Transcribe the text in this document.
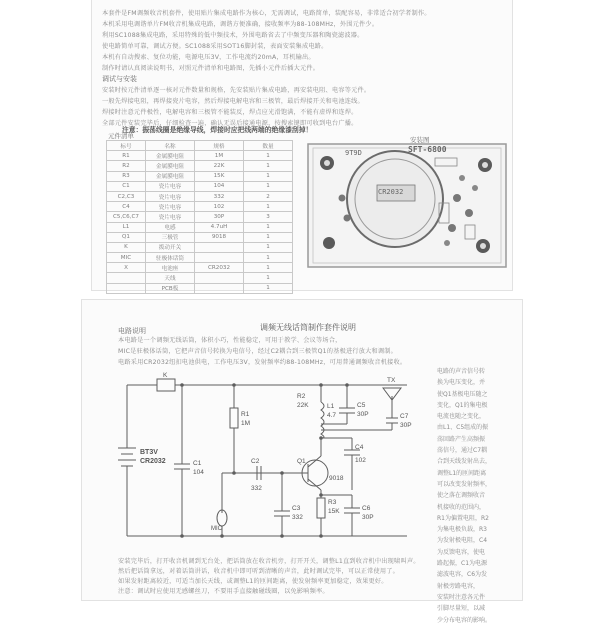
本套件是FM调频收音机套件，使用贴片集成电路作为核心，无需调试，电路简单，装配容易，非常适合初学者制作。
本机采用电调谐单片FM收音机集成电路，调谐方便准确，接收频率为88-108MHz，外围元件少。
利用SC1088集成电路，采用特殊的低中频技术，外围电路省去了中频变压器和陶瓷滤波器。
使电路简单可靠，调试方便。SC1088采用SOT16脚封装，表面安装集成电路。
本机有自动搜索、复位功能，电源电压3V，工作电流约20mA，耳机输出。
制作时请认真阅读说明书，对照元件清单和电路图，先插小元件后插大元件。
调试与安装
安装时按元件清单逐一核对元件数量和规格，先安装贴片集成电路，再安装电阻、电容等元件。
一般先焊接电阻，再焊接瓷片电容，然后焊接电解电容和三极管，最后焊接开关和电池连线。
焊接时注意元件极性，电解电容和三极管不能装反，焊点应光滑饱满，不能有虚焊和连焊。
全部元件安装完毕后，仔细检查一遍，确认无误后接通电源，按搜索键即可收到电台广播。
注意：振荡线圈是绝缘导线，焊接时应把线两端的绝缘漆刮掉！
元件清单	安装图
标号	名称	规格	数量
R1	金属膜电阻	1M	1
R2	金属膜电阻	22K	1
R3	金属膜电阻	15K	1
C1	瓷片电容	104	1
C2,C3	瓷片电容	332	2
C4	瓷片电容	102	1
C5,C6,C7	瓷片电容	30P	3
L1	电感	4.7uH	1
Q1	三极管	9018	1
K	拨动开关		1
MIC	驻极体话筒		1
X	电池座	CR2032	1
	天线		1
	PCB板		1
SFT-6800
9T9D
CR2032
调频无线话筒制作套件说明
电路说明
本电路是一个调频无线话筒，体积小巧，性能稳定，可用于教学、会议等场合，
MIC是驻极体话筒，它把声音信号转换为电信号，经过C2耦合到三极管Q1的基极进行放大和调制。
电路采用CR2032纽扣电池供电，工作电压3V，发射频率约88-108MHz，可用普通调频收音机接收。
电路的声音信号转
换为电压变化，并
使Q1基极电压随之
变化，Q1的集电极
电流也随之变化，
由L1、C5组成的振
荡回路产生高频振
荡信号，通过C7耦
合到天线发射出去，
调整L1的匝间距离
可以改变发射频率，
使之落在调频收音
机接收的范围内，
R1为偏置电阻，R2
为集电极负载，R3
为发射极电阻，C4
为反馈电容，使电
路起振，C1为电源
滤波电容，C6为发
射极旁路电容，
安装时注意各元件
引脚尽量短，以减
少分布电容的影响。
K
BT3V
CR2032	C1
104
R1
1M
C2
332
C3
332
MIC
L1
4.7
C4
102
C5
30P
C6
30P
C7
30P
Q1
9018
R3
15K
R2
22K
TX
安装完毕后，打开收音机调到无台处，把话筒放在收音机旁，打开开关，调整L1直到收音机中出现啸叫声。
然后把话筒拿远，对着话筒讲话，收音机中即可听到清晰的声音，此时调试完毕，可以正常使用了。
如果发射距离较近，可适当加长天线，或调整L1的匝间距离，使发射频率更加稳定，效果更好。
注意：调试时应使用无感螺丝刀，不要用手直接触碰线圈，以免影响频率。
